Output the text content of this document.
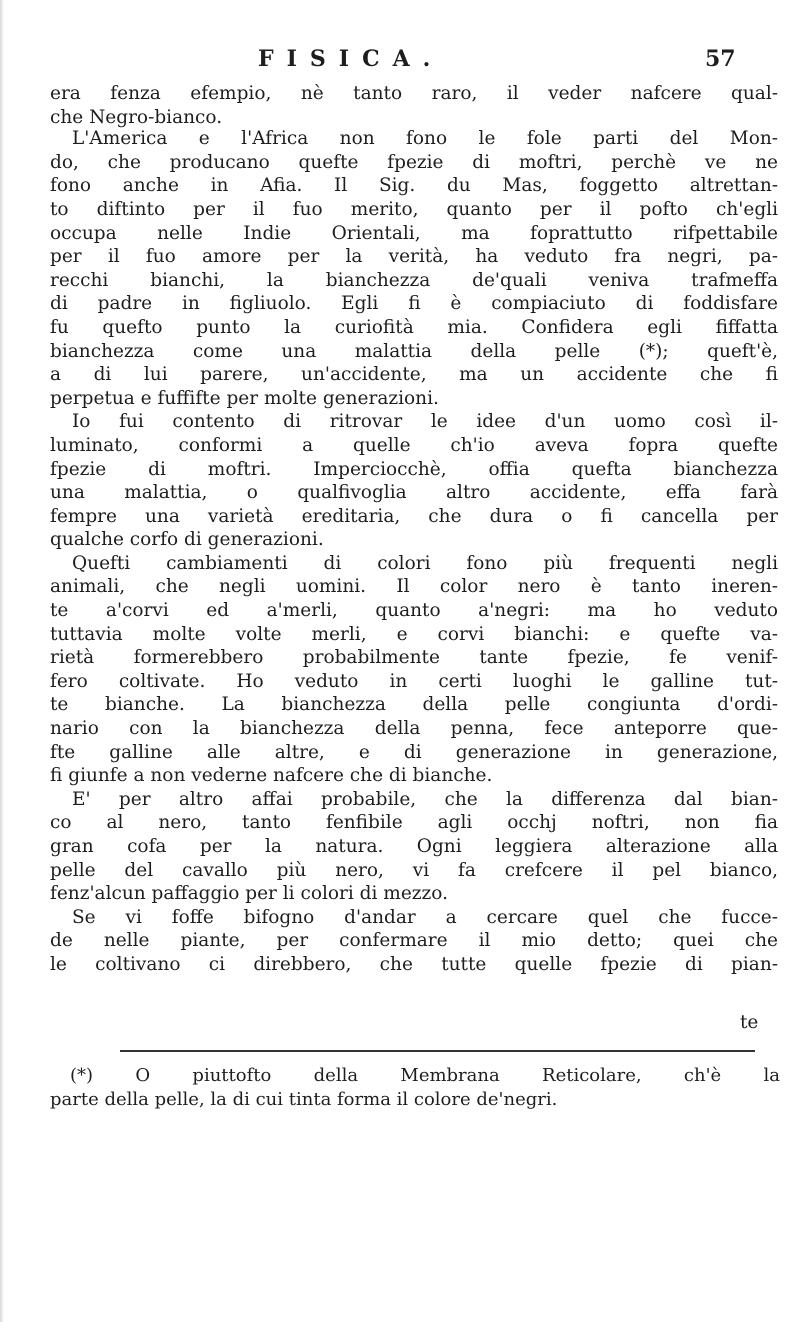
FISICA.	57
era fenza efempio, nè tanto raro, il veder nafcere qual-
che Negro-bianco.
L'America e l'Africa non fono le fole parti del Mon-
do, che producano quefte fpezie di moftri, perchè ve ne
fono anche in Afia. Il Sig. du Mas, foggetto altrettan-
to diftinto per il fuo merito, quanto per il pofto ch'egli
occupa nelle Indie Orientali, ma foprattutto rifpettabile
per il fuo amore per la verità, ha veduto fra negri, pa-
recchi bianchi, la bianchezza de'quali veniva trafmeffa
di padre in figliuolo. Egli fi è compiaciuto di foddisfare
fu quefto punto la curiofità mia. Confidera egli fiffatta
bianchezza come una malattia della pelle (*); queft'è,
a di lui parere, un'accidente, ma un accidente che fi
perpetua e fuffifte per molte generazioni.
Io fui contento di ritrovar le idee d'un uomo così il-
luminato, conformi a quelle ch'io aveva fopra quefte
fpezie di moftri. Imperciocchè, offia quefta bianchezza
una malattia, o qualfivoglia altro accidente, effa farà
fempre una varietà ereditaria, che dura o fi cancella per
qualche corfo di generazioni.
Quefti cambiamenti di colori fono più frequenti negli
animali, che negli uomini. Il color nero è tanto ineren-
te a'corvi ed a'merli, quanto a'negri: ma ho veduto
tuttavia molte volte merli, e corvi bianchi: e quefte va-
rietà formerebbero probabilmente tante fpezie, fe venif-
fero coltivate. Ho veduto in certi luoghi le galline tut-
te bianche. La bianchezza della pelle congiunta d'ordi-
nario con la bianchezza della penna, fece anteporre que-
fte galline alle altre, e di generazione in generazione,
fi giunfe a non vederne nafcere che di bianche.
E' per altro affai probabile, che la differenza dal bian-
co al nero, tanto fenfibile agli occhj noftri, non fia
gran cofa per la natura. Ogni leggiera alterazione alla
pelle del cavallo più nero, vi fa crefcere il pel bianco,
fenz'alcun paffaggio per li colori di mezzo.
Se vi foffe bifogno d'andar a cercare quel che fucce-
de nelle piante, per confermare il mio detto; quei che
le coltivano ci direbbero, che tutte quelle fpezie di pian-
te
(*) O piuttofto della Membrana Reticolare, ch'è la
parte della pelle, la di cui tinta forma il colore de'negri.
